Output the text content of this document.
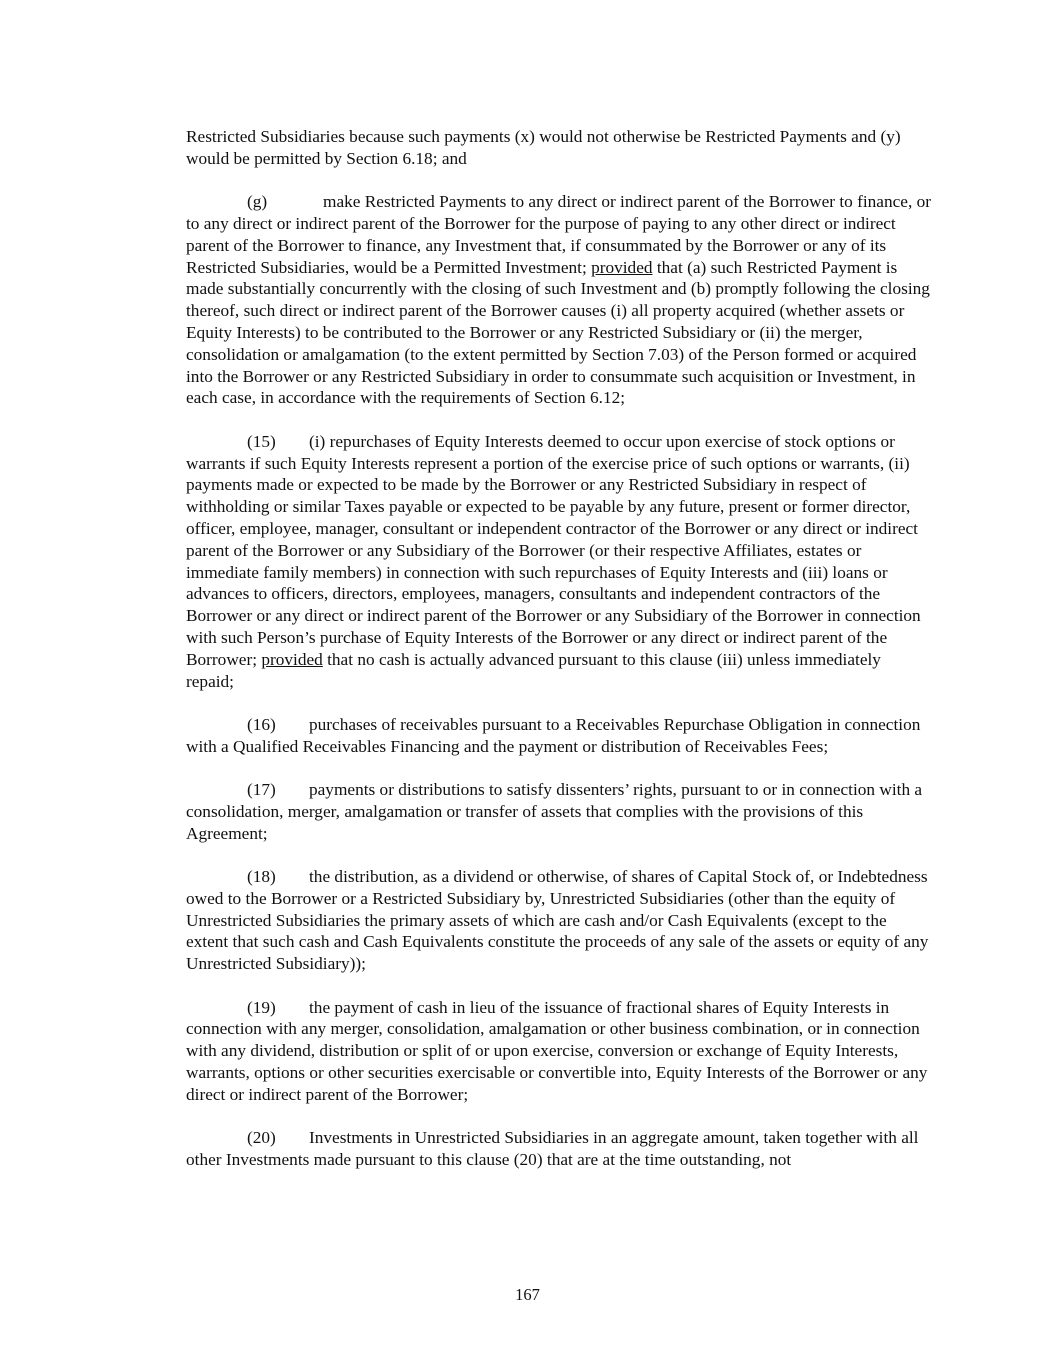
Restricted Subsidiaries because such payments (x) would not otherwise be Restricted Payments and (y) would be permitted by Section 6.18; and

(g)	make Restricted Payments to any direct or indirect parent of the Borrower to finance, or to any direct or indirect parent of the Borrower for the purpose of paying to any other direct or indirect parent of the Borrower to finance, any Investment that, if consummated by the Borrower or any of its Restricted Subsidiaries, would be a Permitted Investment; provided that (a) such Restricted Payment is made substantially concurrently with the closing of such Investment and (b) promptly following the closing thereof, such direct or indirect parent of the Borrower causes (i) all property acquired (whether assets or Equity Interests) to be contributed to the Borrower or any Restricted Subsidiary or (ii) the merger, consolidation or amalgamation (to the extent permitted by Section 7.03) of the Person formed or acquired into the Borrower or any Restricted Subsidiary in order to consummate such acquisition or Investment, in each case, in accordance with the requirements of Section 6.12;

(15) (i) repurchases of Equity Interests deemed to occur upon exercise of stock options or warrants if such Equity Interests represent a portion of the exercise price of such options or warrants, (ii) payments made or expected to be made by the Borrower or any Restricted Subsidiary in respect of withholding or similar Taxes payable or expected to be payable by any future, present or former director, officer, employee, manager, consultant or independent contractor of the Borrower or any direct or indirect parent of the Borrower or any Subsidiary of the Borrower (or their respective Affiliates, estates or immediate family members) in connection with such repurchases of Equity Interests and (iii) loans or advances to officers, directors, employees, managers, consultants and independent contractors of the Borrower or any direct or indirect parent of the Borrower or any Subsidiary of the Borrower in connection with such Person’s purchase of Equity Interests of the Borrower or any direct or indirect parent of the Borrower; provided that no cash is actually advanced pursuant to this clause (iii) unless immediately repaid;

(16) purchases of receivables pursuant to a Receivables Repurchase Obligation in connection with a Qualified Receivables Financing and the payment or distribution of Receivables Fees;

(17) payments or distributions to satisfy dissenters’ rights, pursuant to or in connection with a consolidation, merger, amalgamation or transfer of assets that complies with the provisions of this Agreement;

(18) the distribution, as a dividend or otherwise, of shares of Capital Stock of, or Indebtedness owed to the Borrower or a Restricted Subsidiary by, Unrestricted Subsidiaries (other than the equity of Unrestricted Subsidiaries the primary assets of which are cash and/or Cash Equivalents (except to the extent that such cash and Cash Equivalents constitute the proceeds of any sale of the assets or equity of any Unrestricted Subsidiary));

(19) the payment of cash in lieu of the issuance of fractional shares of Equity Interests in connection with any merger, consolidation, amalgamation or other business combination, or in connection with any dividend, distribution or split of or upon exercise, conversion or exchange of Equity Interests, warrants, options or other securities exercisable or convertible into, Equity Interests of the Borrower or any direct or indirect parent of the Borrower;

(20) Investments in Unrestricted Subsidiaries in an aggregate amount, taken together with all other Investments made pursuant to this clause (20) that are at the time outstanding, not

167
